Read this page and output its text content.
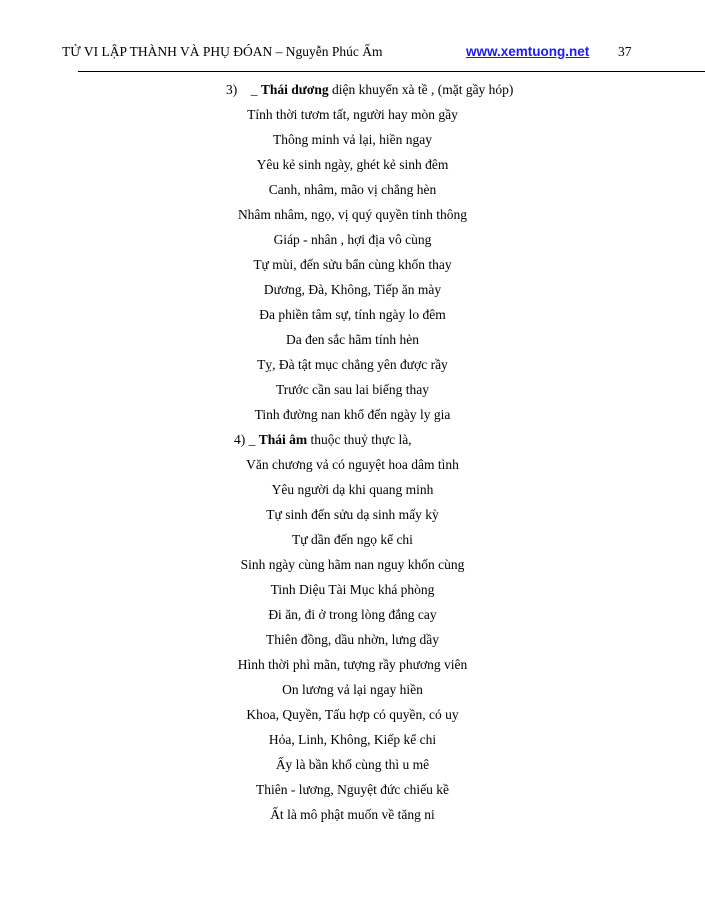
TỬ VI LẬP THÀNH VÀ PHỤ ĐÓAN – Nguyễn Phúc Ấm	www.xemtuong.net 37
3) _ Thái dương diện khuyển xà tề , (mặt gầy hóp)
Tính thời tươm tất, người hay mòn gầy
Thông minh vả lại, hiền ngay
Yêu kẻ sinh ngày, ghét kẻ sinh đêm
Canh, nhâm, mão vị chẳng hèn
Nhâm nhâm, ngọ, vị quý quyền tinh thông
Giáp - nhân , hợi địa vô cùng
Tự mùi, đến sửu bẩn cùng khốn thay
Dương, Đà, Không, Tiếp ăn mày
Đa phiền tâm sự, tính ngày lo đêm
Da đen sắc hãm tính hèn
Tỵ, Đà tật mục chẳng yên được rầy
Trước cần sau lai biếng thay
Tinh đường nan khổ đến ngày ly gia
4) _ Thái âm thuộc thuỷ thực là,
Văn chương vả có nguyệt hoa dâm tình
Yêu người dạ khi quang minh
Tự sinh đến sửu dạ sinh mấy kỳ
Tự dần đến ngọ kể chi
Sinh ngày cùng hãm nan nguy khốn cùng
Tinh Diệu Tài Mục khá phòng
Đi ăn, đi ở trong lòng đắng cay
Thiên đồng, dầu nhờn, lưng dầy
Hình thời phì mãn, tượng rầy phương viên
On lương vả lại ngay hiền
Khoa, Quyền, Tấu hợp có quyền, có uy
Hỏa, Linh, Không, Kiếp kể chi
Ấy là bần khổ cùng thì u mê
Thiên - lương, Nguyệt đức chiếu kề
Ất là mô phật muốn về tăng ni
